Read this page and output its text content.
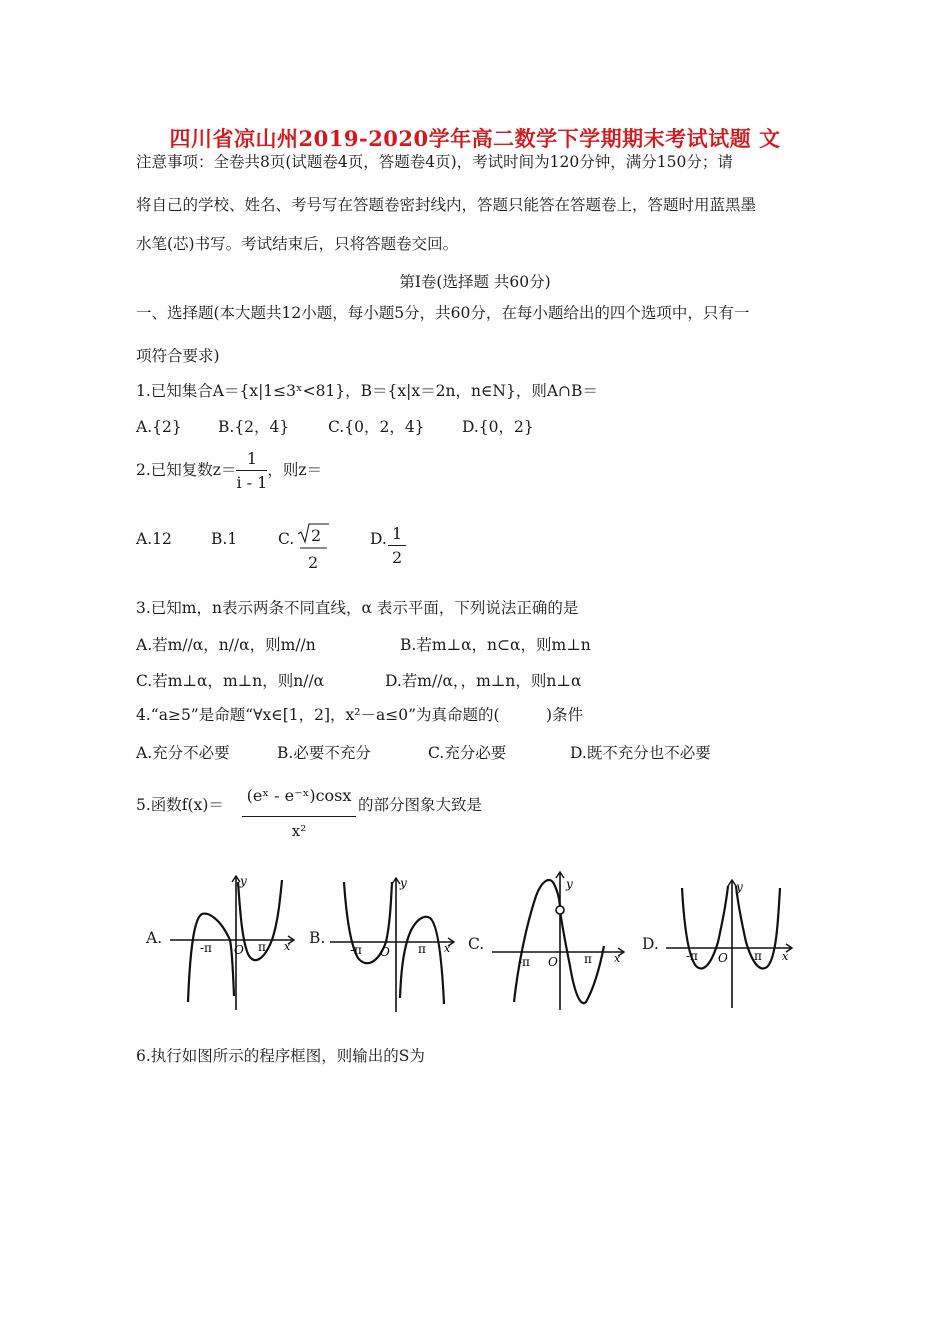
四川省凉山州2019-2020学年高二数学下学期期末考试试题 文
注意事项：全卷共8页(试题卷4页，答题卷4页)，考试时间为120分钟，满分150分；请
将自己的学校、姓名、考号写在答题卷密封线内，答题只能答在答题卷上，答题时用蓝黑墨
水笔(芯)书写。考试结束后，只将答题卷交回。
第Ⅰ卷(选择题 共60分)
一、选择题(本大题共12小题，每小题5分，共60分，在每小题给出的四个选项中，只有一
项符合要求)
1.已知集合A＝{x|1≤3ˣ<81}，B＝{x|x＝2n，n∈N}，则A∩B＝
A.{2} B.{2，4} C.{0，2，4} D.{0，2}
2.已知复数$z= \frac{1}{i - 1}$ ，则z＝
A.12	B.1	C. 2
2
D. $\frac{1}{2}$
3.已知m，n表示两条不同直线，α 表示平面，下列说法正确的是
A.若m//α，n//α，则m//n	B.若m⊥α，n⊂α，则m⊥n
C.若m⊥α，m⊥n，则n//α	D.若m//α，，m⊥n，则n⊥α
4.“a≥5”是命题“∀x∈[1，2]，x²－a≤0”为真命题的(　　　)条件
A.充分不必要	B.必要不充分	C.充分必要	D.既不充分也不必要
5.函数f(x)＝ (eˣ - e⁻ˣ)cosx
x²
的部分图象大致是
A.
y
x
O
-π	π	B.
y
x
O
-π	π	C.
y
x
O
-π	π
D.
y
x
O
-π	π
6.执行如图所示的程序框图，则输出的S为
